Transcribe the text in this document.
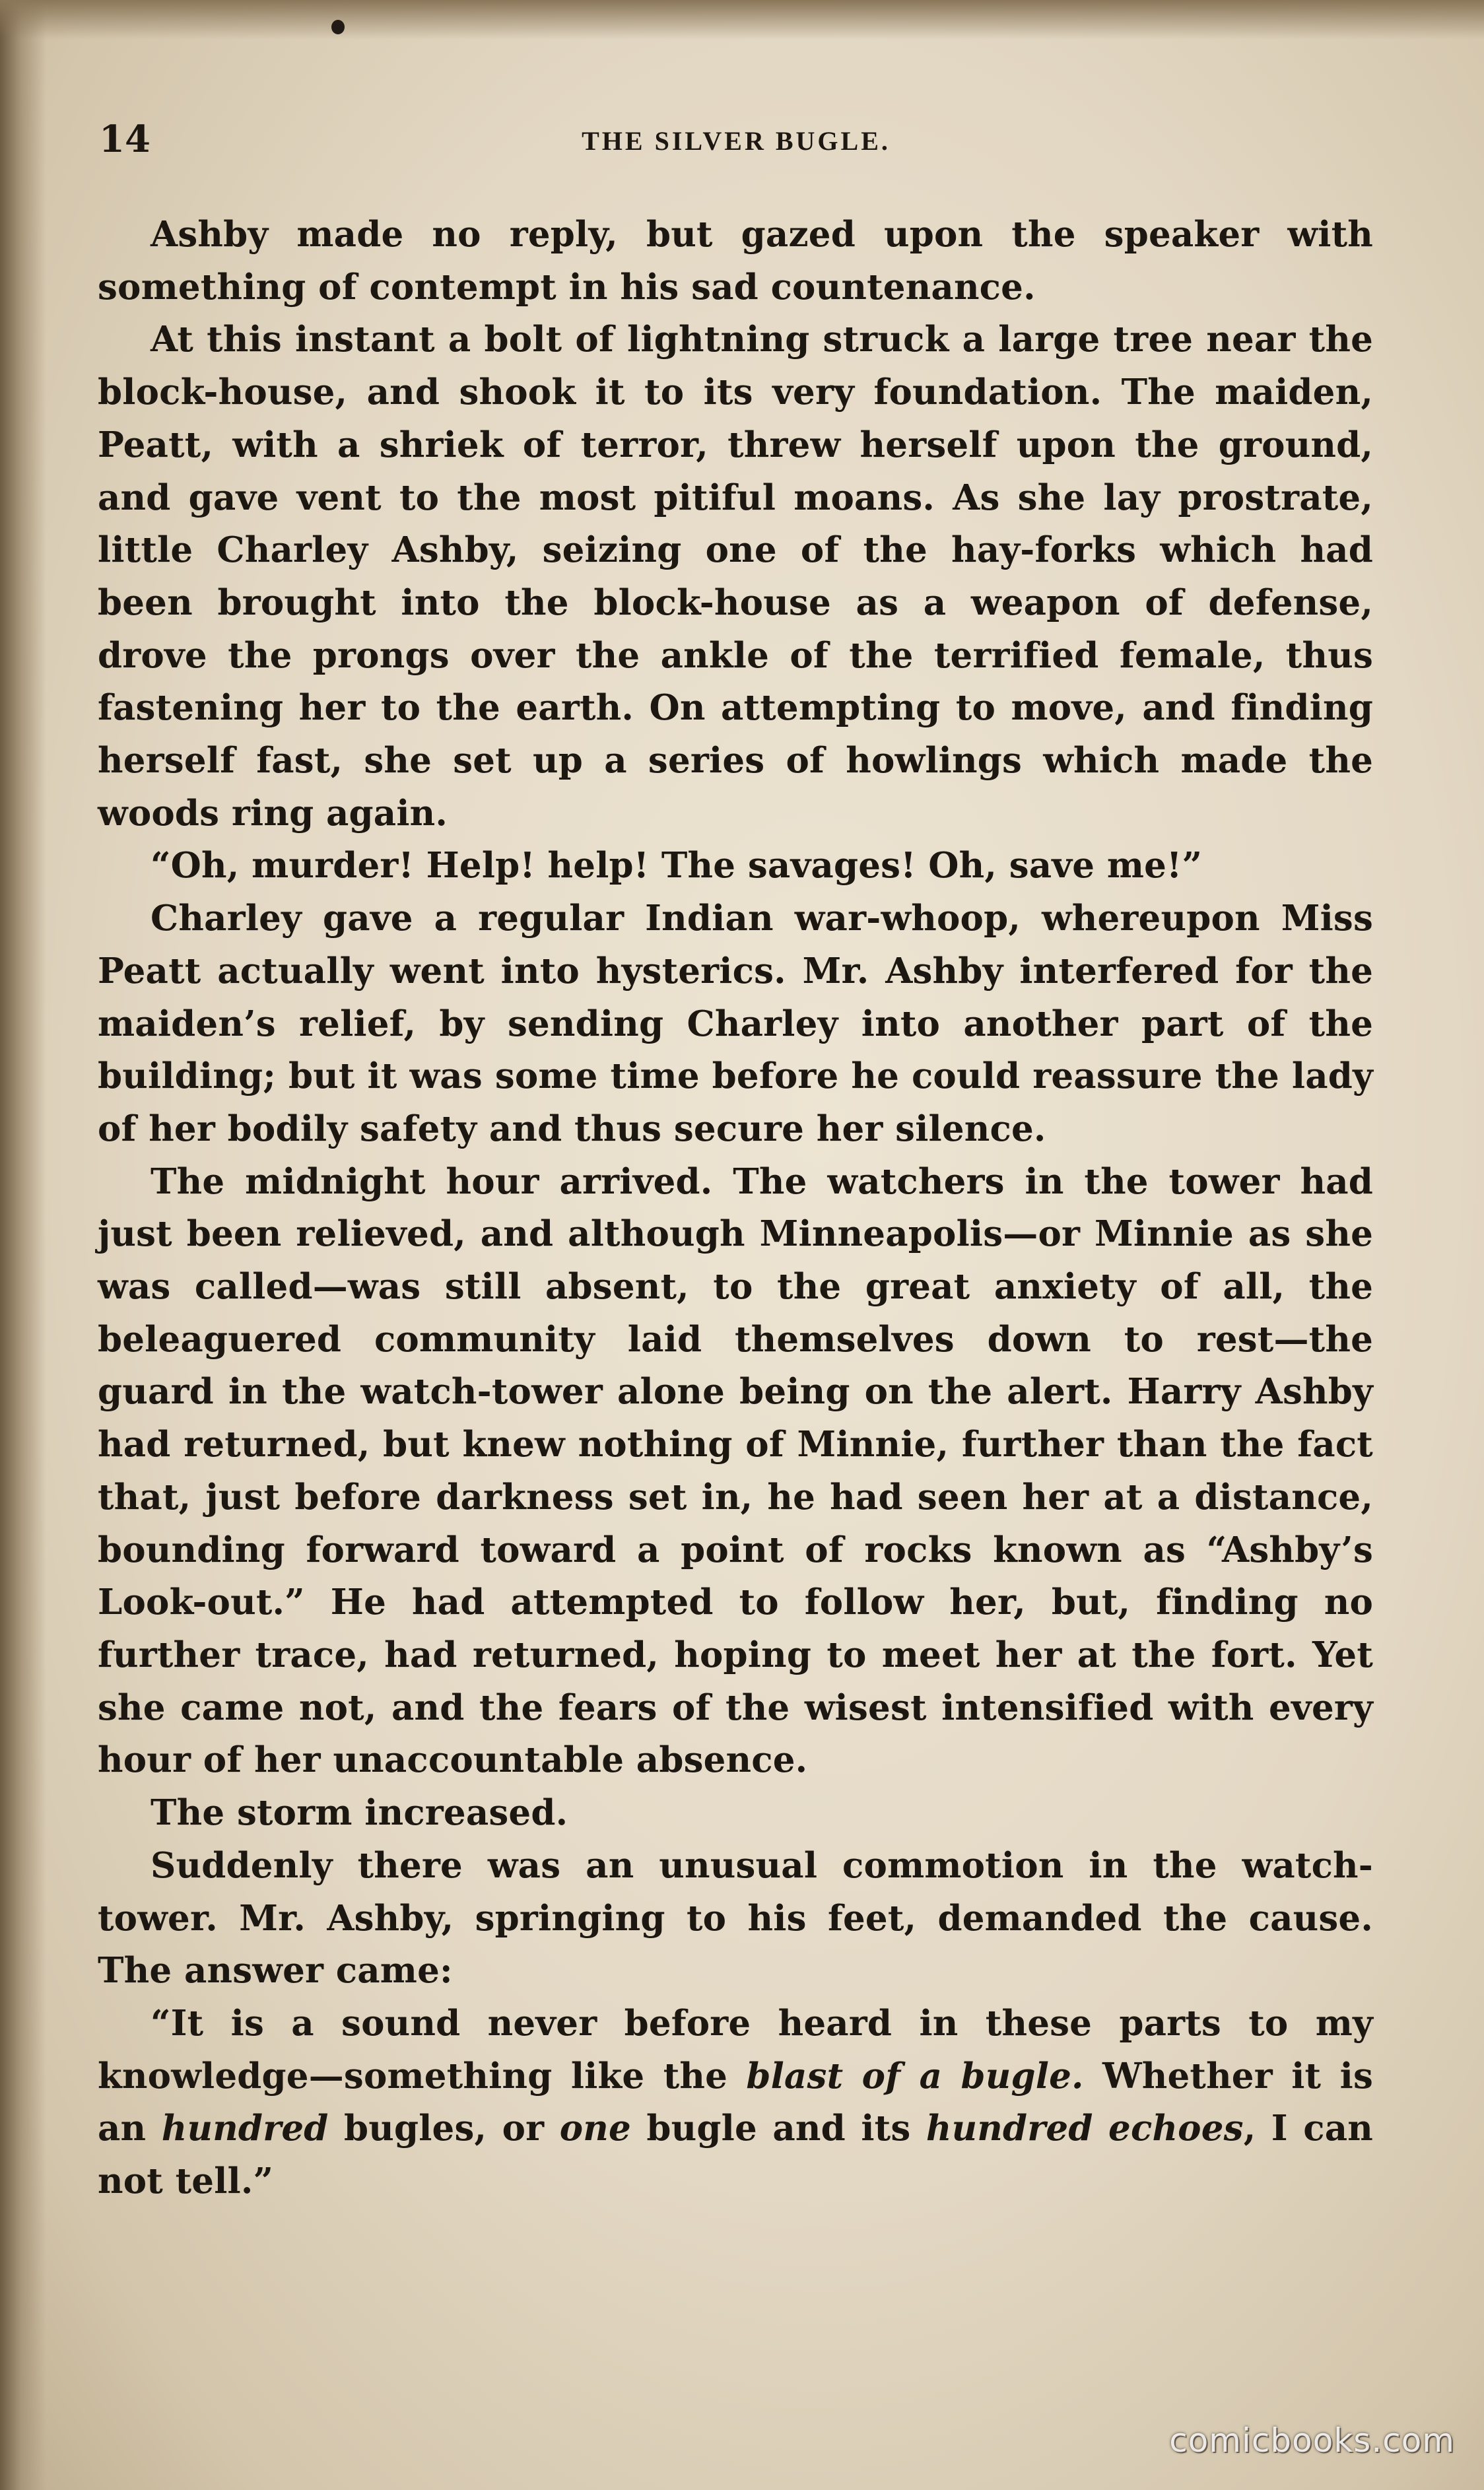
14	THE SILVER BUGLE.

Ashby made no reply, but gazed upon the speaker with something of contempt in his sad countenance.

At this instant a bolt of lightning struck a large tree near the block-house, and shook it to its very foundation. The maiden, Peatt, with a shriek of terror, threw herself upon the ground, and gave vent to the most pitiful moans. As she lay prostrate, little Charley Ashby, seizing one of the hay-forks which had been brought into the block-house as a weapon of defense, drove the prongs over the ankle of the terrified female, thus fastening her to the earth. On attempting to move, and finding herself fast, she set up a series of howlings which made the woods ring again.

“Oh, murder! Help! help! The savages! Oh, save me!”

Charley gave a regular Indian war-whoop, whereupon Miss Peatt actually went into hysterics. Mr. Ashby interfered for the maiden’s relief, by sending Charley into another part of the building; but it was some time before he could reassure the lady of her bodily safety and thus secure her silence.

The midnight hour arrived. The watchers in the tower had just been relieved, and although Minneapolis—or Minnie as she was called—was still absent, to the great anxiety of all, the beleaguered community laid themselves down to rest—the guard in the watch-tower alone being on the alert. Harry Ashby had returned, but knew nothing of Minnie, further than the fact that, just before darkness set in, he had seen her at a distance, bounding forward toward a point of rocks known as “Ashby’s Look-out.” He had attempted to follow her, but, finding no further trace, had returned, hoping to meet her at the fort. Yet she came not, and the fears of the wisest intensified with every hour of her unaccountable absence.

The storm increased.

Suddenly there was an unusual commotion in the watch-tower. Mr. Ashby, springing to his feet, demanded the cause. The answer came:

“It is a sound never before heard in these parts to my knowledge—something like the blast of a bugle. Whether it is an hundred bugles, or one bugle and its hundred echoes, I can not tell.”

comicbooks.com
